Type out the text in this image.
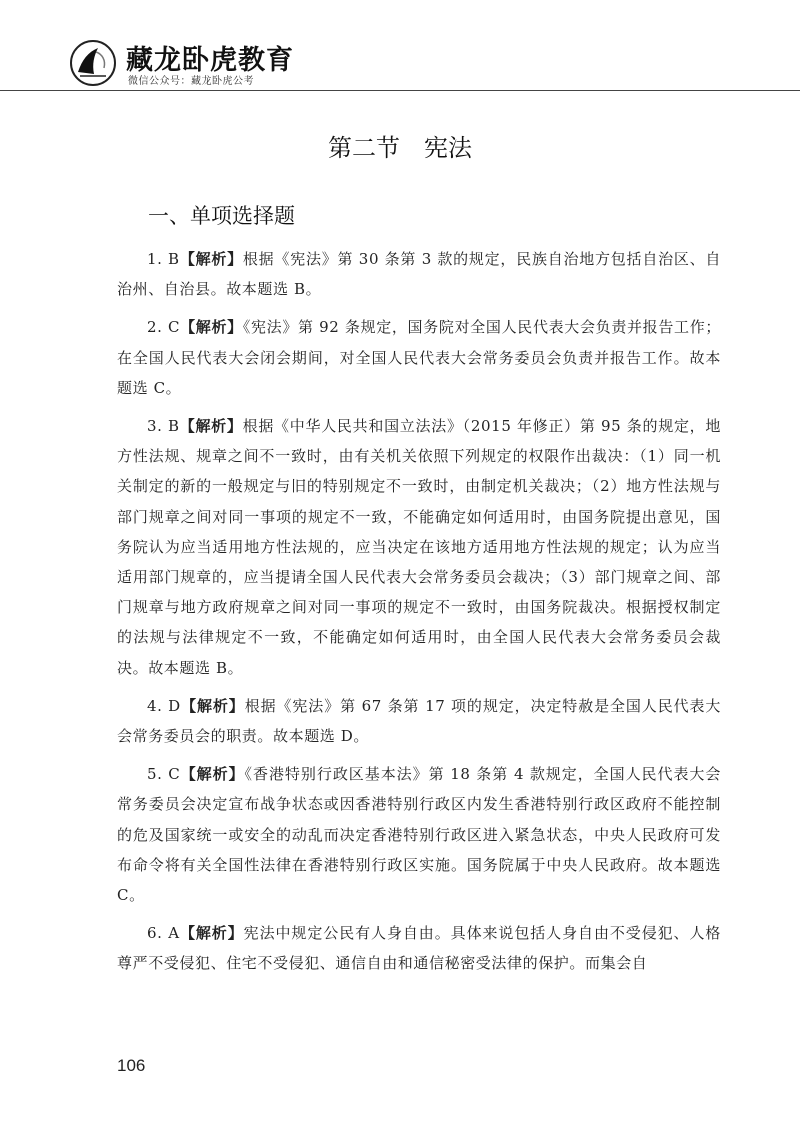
藏龙卧虎教育
微信公众号：藏龙卧虎公考
第二节　宪法
一、单项选择题

1. B【解析】根据《宪法》第 30 条第 3 款的规定，民族自治地方包括自治区、自治州、自治县。故本题选 B。

2. C【解析】《宪法》第 92 条规定，国务院对全国人民代表大会负责并报告工作；在全国人民代表大会闭会期间，对全国人民代表大会常务委员会负责并报告工作。故本题选 C。

3. B【解析】根据《中华人民共和国立法法》（2015 年修正）第 95 条的规定，地方性法规、规章之间不一致时，由有关机关依照下列规定的权限作出裁决：（1）同一机关制定的新的一般规定与旧的特别规定不一致时，由制定机关裁决；（2）地方性法规与部门规章之间对同一事项的规定不一致，不能确定如何适用时，由国务院提出意见，国务院认为应当适用地方性法规的，应当决定在该地方适用地方性法规的规定；认为应当适用部门规章的，应当提请全国人民代表大会常务委员会裁决；（3）部门规章之间、部门规章与地方政府规章之间对同一事项的规定不一致时，由国务院裁决。根据授权制定的法规与法律规定不一致，不能确定如何适用时，由全国人民代表大会常务委员会裁决。故本题选 B。

4. D【解析】根据《宪法》第 67 条第 17 项的规定，决定特赦是全国人民代表大会常务委员会的职责。故本题选 D。

5. C【解析】《香港特别行政区基本法》第 18 条第 4 款规定，全国人民代表大会常务委员会决定宣布战争状态或因香港特别行政区内发生香港特别行政区政府不能控制的危及国家统一或安全的动乱而决定香港特别行政区进入紧急状态，中央人民政府可发布命令将有关全国性法律在香港特别行政区实施。国务院属于中央人民政府。故本题选 C。

6. A【解析】宪法中规定公民有人身自由。具体来说包括人身自由不受侵犯、人格尊严不受侵犯、住宅不受侵犯、通信自由和通信秘密受法律的保护。而集会自

106
